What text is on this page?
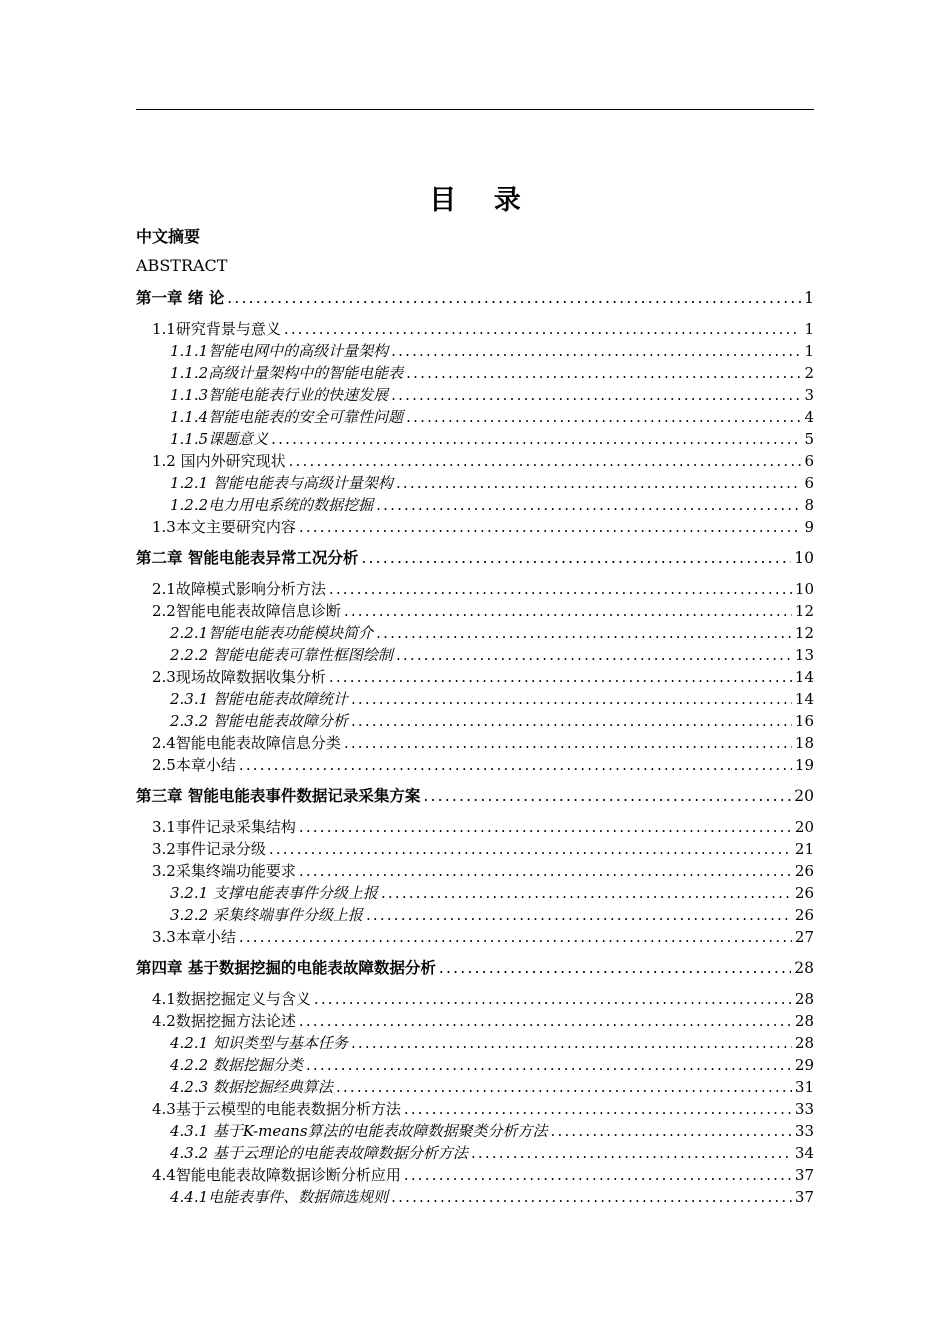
目 录
中文摘要
ABSTRACT
第一章 绪 论 .....	1
1.1研究背景与意义 .....	1
1.1.1智能电网中的高级计量架构 .....	1
1.1.2高级计量架构中的智能电能表 .....	2
1.1.3智能电能表行业的快速发展 .....	3
1.1.4智能电能表的安全可靠性问题 .....	4
1.1.5课题意义 .....	5
1.2 国内外研究现状 .....	6
1.2.1 智能电能表与高级计量架构 .....	6
1.2.2电力用电系统的数据挖掘 .....	8
1.3本文主要研究内容 .....	9
第二章 智能电能表异常工况分析 .....	10
2.1故障模式影响分析方法 .....	10
2.2智能电能表故障信息诊断 .....	12
2.2.1智能电能表功能模块简介 .....	12
2.2.2 智能电能表可靠性框图绘制 .....	13
2.3现场故障数据收集分析 .....	14
2.3.1 智能电能表故障统计 .....	14
2.3.2 智能电能表故障分析 .....	16
2.4智能电能表故障信息分类 .....	18
2.5本章小结 .....	19
第三章 智能电能表事件数据记录采集方案 .....	20
3.1事件记录采集结构 .....	20
3.2事件记录分级 .....	21
3.2采集终端功能要求 .....	26
3.2.1 支撑电能表事件分级上报 .....	26
3.2.2 采集终端事件分级上报 .....	26
3.3本章小结 .....	27
第四章 基于数据挖掘的电能表故障数据分析 .....	28
4.1数据挖掘定义与含义 .....	28
4.2数据挖掘方法论述 .....	28
4.2.1 知识类型与基本任务 .....	28
4.2.2 数据挖掘分类 .....	29
4.2.3 数据挖掘经典算法 .....	31
4.3基于云模型的电能表数据分析方法 .....	33
4.3.1 基于K-means算法的电能表故障数据聚类分析方法 .....	33
4.3.2 基于云理论的电能表故障数据分析方法 .....	34
4.4智能电能表故障数据诊断分析应用 .....	37
4.4.1电能表事件、数据筛选规则 .....	37
